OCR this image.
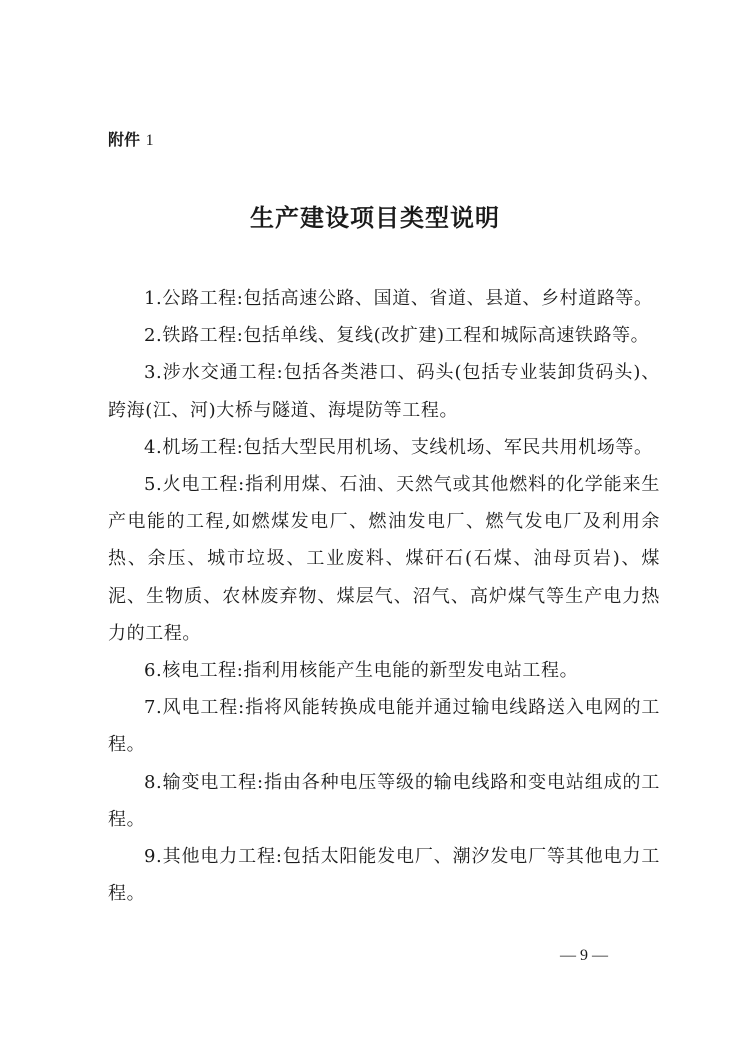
附件 1
生产建设项目类型说明

1.公路工程:包括高速公路、国道、省道、县道、乡村道路等。

2.铁路工程:包括单线、复线(改扩建)工程和城际高速铁路等。

3.涉水交通工程:包括各类港口、码头(包括专业装卸货码头)、跨海(江、河)大桥与隧道、海堤防等工程。

4.机场工程:包括大型民用机场、支线机场、军民共用机场等。

5.火电工程:指利用煤、石油、天然气或其他燃料的化学能来生产电能的工程,如燃煤发电厂、燃油发电厂、燃气发电厂及利用余热、余压、城市垃圾、工业废料、煤矸石(石煤、油母页岩)、煤泥、生物质、农林废弃物、煤层气、沼气、高炉煤气等生产电力热力的工程。

6.核电工程:指利用核能产生电能的新型发电站工程。

7.风电工程:指将风能转换成电能并通过输电线路送入电网的工程。

8.输变电工程:指由各种电压等级的输电线路和变电站组成的工程。

9.其他电力工程:包括太阳能发电厂、潮汐发电厂等其他电力工程。

— 9 —
